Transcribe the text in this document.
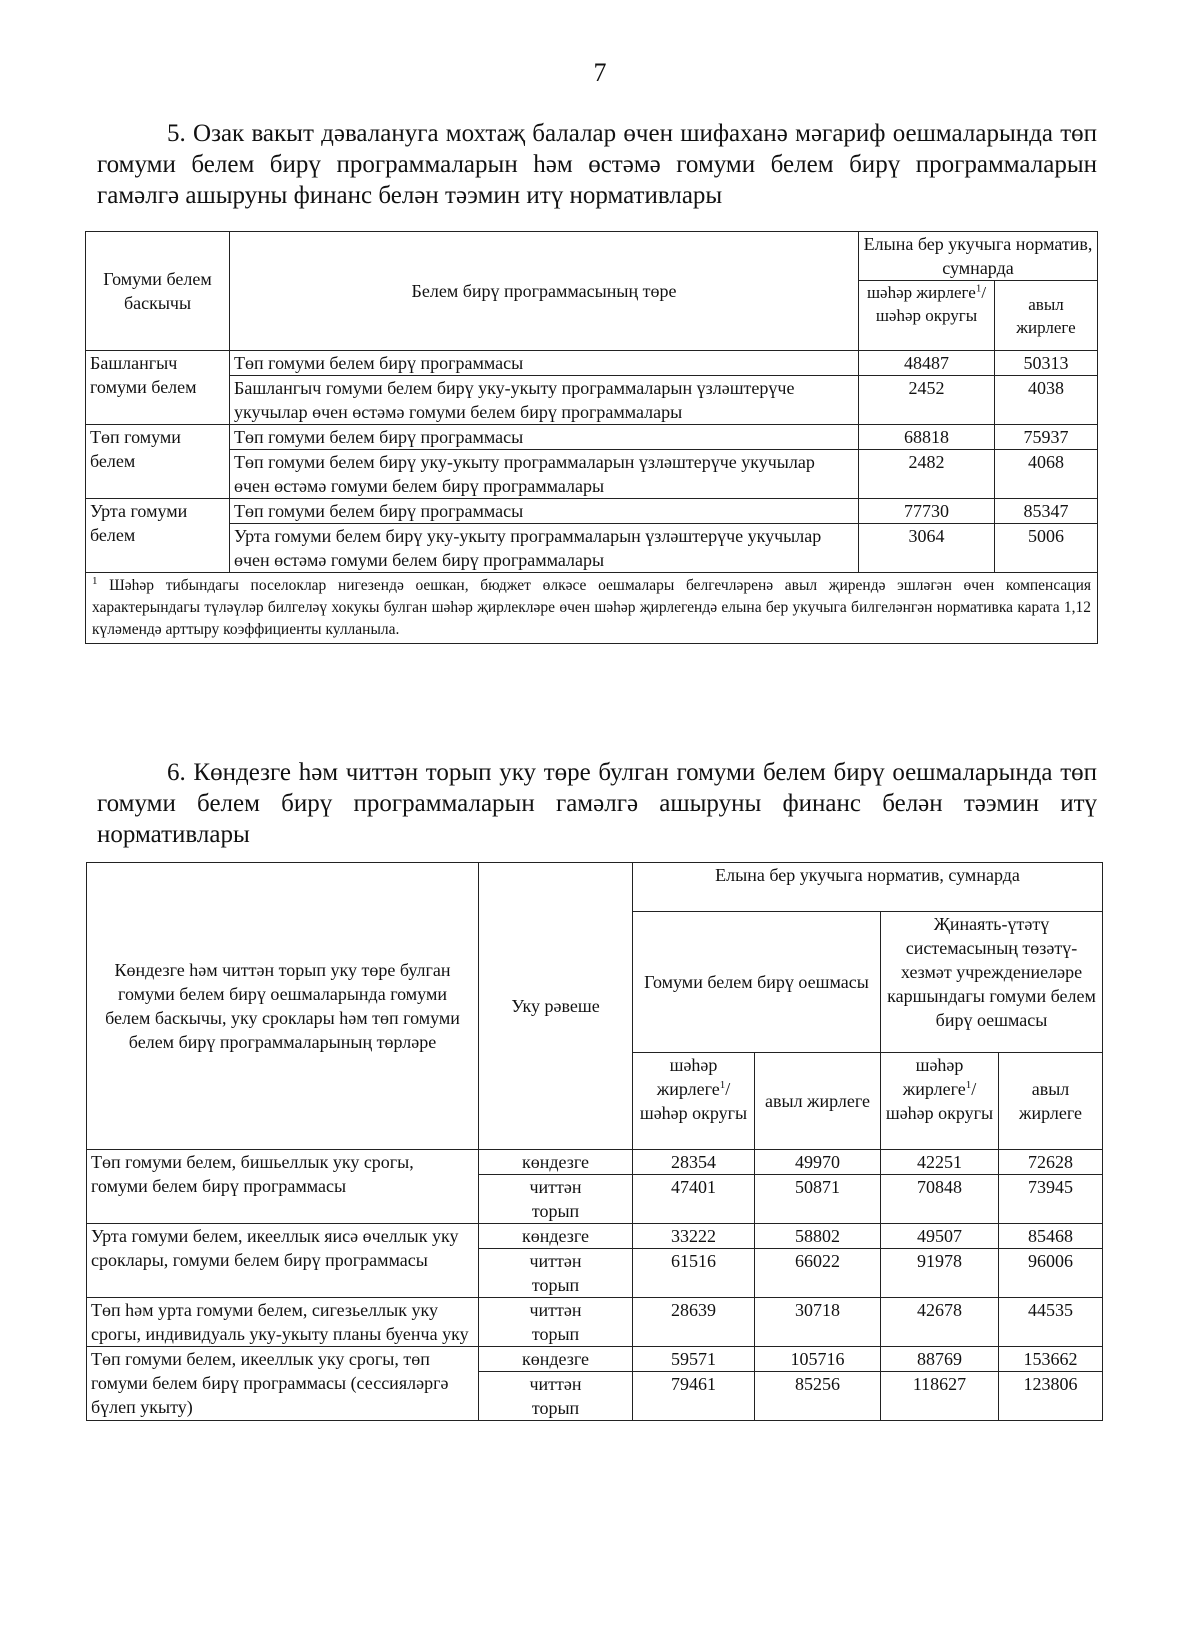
7

5. Озак вакыт дәвалануга мохтаҗ балалар өчен шифаханә мәгариф оешмаларында төп гомуми белем бирү программаларын һәм өстәмә гомуми белем бирү программаларын гамәлгә ашыруны финанс белән тәэмин итү нормативлары

Гомуми белем баскычы	Белем бирү программасының төре	Елына бер укучыга норматив, сумнарда	
		шәһәр жирлеге$^1$/ шәһәр округы	авыл жирлеге
Башлангыч гомуми белем	Төп гомуми белем бирү программасы	48487	50313
	Башлангыч гомуми белем бирү уку-укыту программаларын үзләштерүче укучылар өчен өстәмә гомуми белем бирү программалары	2452	4038
Төп гомуми белем	Төп гомуми белем бирү программасы	68818	75937
	Төп гомуми белем бирү уку-укыту программаларын үзләштерүче укучылар өчен өстәмә гомуми белем бирү программалары	2482	4068
Урта гомуми белем	Төп гомуми белем бирү программасы	77730	85347
	Урта гомуми белем бирү уку-укыту программаларын үзләштерүче укучылар өчен өстәмә гомуми белем бирү программалары	3064	5006
$^1$ Шәһәр тибындагы поселоклар нигезендә оешкан, бюджет өлкәсе оешмалары белгечләренә авыл җирендә эшләгән өчен компенсация характерындагы түләүләр билгеләү хокукы булган шәһәр җирлекләре өчен шәһәр җирлегендә елына бер укучыга билгеләнгән нормативка карата 1,12 күләмендә арттыру коэффициенты кулланыла.			

6. Көндезге һәм читтән торып уку төре булган гомуми белем бирү оешмаларында төп гомуми белем бирү программаларын гамәлгә ашыруны финанс белән тәэмин итү нормативлары

Көндезге һәм читтән торып уку төре булган гомуми белем бирү оешмаларында гомуми белем баскычы, уку сроклары һәм төп гомуми белем бирү программаларының төрләре	Уку рәвеше	Елына бер укучыга норматив, сумнарда			
		Гомуми белем бирү оешмасы		Җинаять-үтәтү системасының төзәтү-хезмәт учреждениеләре каршындагы гомуми белем бирү оешмасы	
		шәһәр жирлеге$^1$/ шәһәр округы	авыл жирлеге	шәһәр жирлеге$^1$/ шәһәр округы	авыл жирлеге
Төп гомуми белем, бишьеллык уку срогы, гомуми белем бирү программасы	көндезге	28354	49970	42251	72628
	читтән торып	47401	50871	70848	73945
Урта гомуми белем, икееллык яисә өчеллык уку сроклары, гомуми белем бирү программасы	көндезге	33222	58802	49507	85468
	читтән торып	61516	66022	91978	96006
Төп һәм урта гомуми белем, сигезьеллык уку срогы, индивидуаль уку-укыту планы буенча уку	читтән торып	28639	30718	42678	44535
Төп гомуми белем, икееллык уку срогы, төп гомуми белем бирү программасы (сессияләргә бүлеп укыту)	көндезге	59571	105716	88769	153662
	читтән торып	79461	85256	118627	123806
